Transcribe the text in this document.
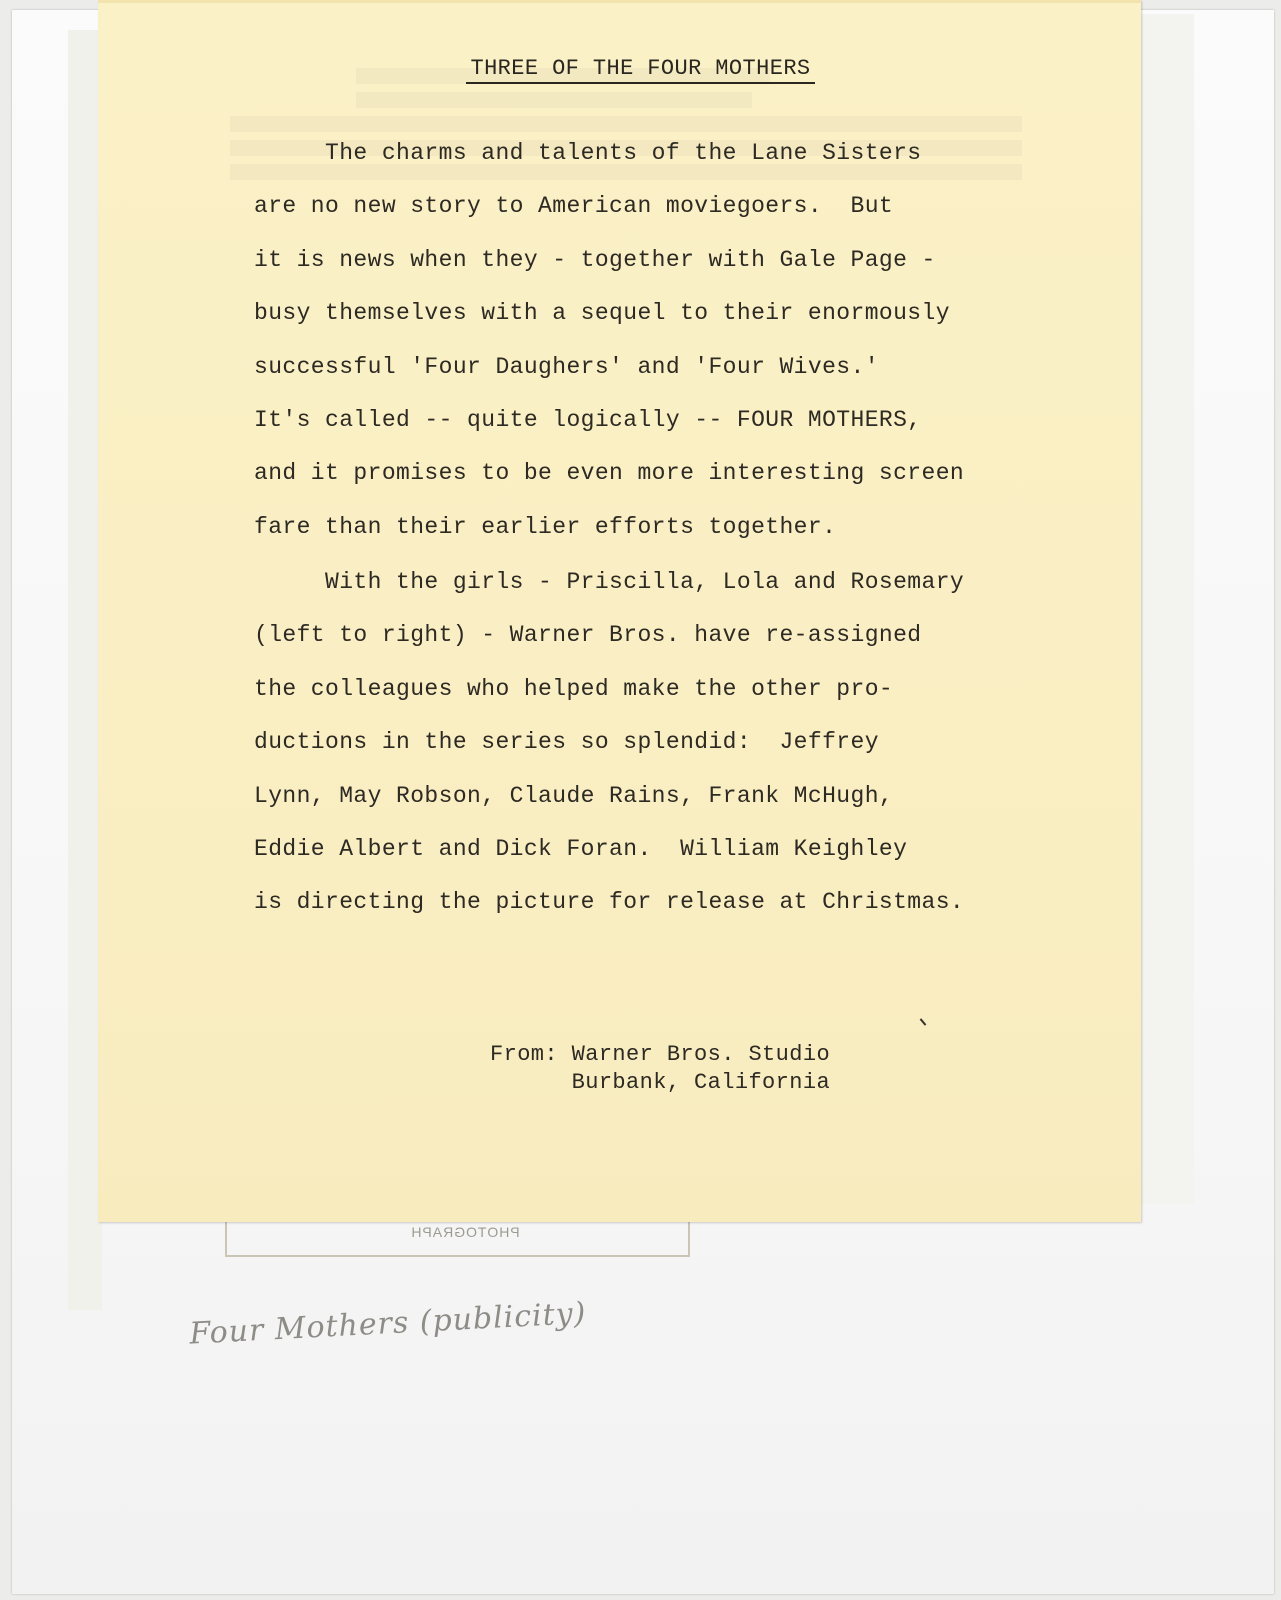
PHOTOGRAPH
THREE OF THE FOUR MOTHERS

The charms and talents of the Lane Sisters

are no new story to American moviegoers.  But

it is news when they - together with Gale Page -

busy themselves with a sequel to their enormously

successful 'Four Daughers' and 'Four Wives.'

It's called -- quite logically -- FOUR MOTHERS,

and it promises to be even more interesting screen

fare than their earlier efforts together.

With the girls - Priscilla, Lola and Rosemary

(left to right) - Warner Bros. have re-assigned

the colleagues who helped make the other pro-

ductions in the series so splendid:  Jeffrey

Lynn, May Robson, Claude Rains, Frank McHugh,

Eddie Albert and Dick Foran.  William Keighley

is directing the picture for release at Christmas.

From: Warner Bros. Studio

Burbank, California

Four Mothers (publicity)
